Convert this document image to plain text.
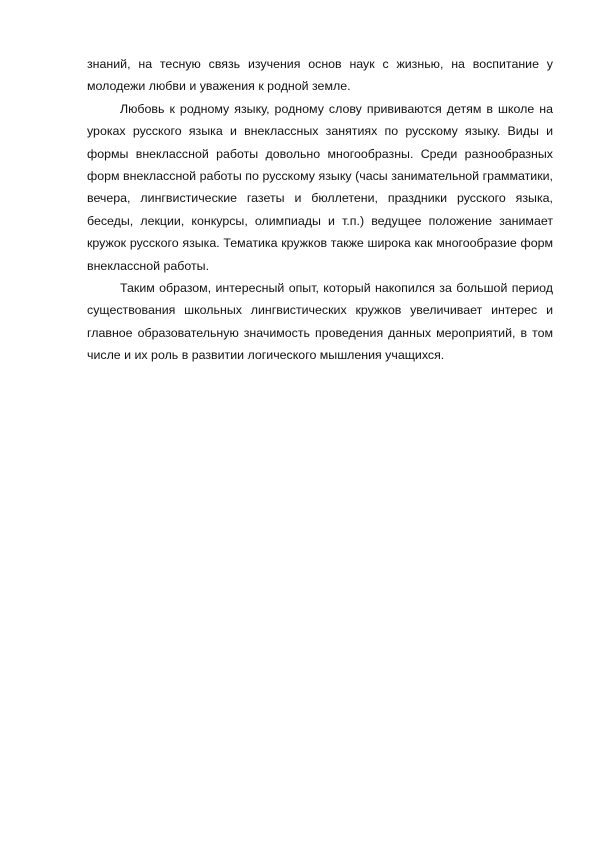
знаний, на тесную связь изучения основ наук с жизнью, на воспитание у молодежи любви и уважения к родной земле.

Любовь к родному языку, родному слову прививаются детям в школе на уроках русского языка и внеклассных занятиях по русскому языку. Виды и формы внеклассной работы довольно многообразны. Среди разнообразных форм внеклассной работы по русскому языку (часы занимательной грамматики, вечера, лингвистические газеты и бюллетени, праздники русского языка, беседы, лекции, конкурсы, олимпиады и т.п.) ведущее положение занимает кружок русского языка. Тематика кружков также широка как многообразие форм внеклассной работы.

Таким образом, интересный опыт, который накопился за большой период существования школьных лингвистических кружков увеличивает интерес и главное образовательную значимость проведения данных мероприятий, в том числе и их роль в развитии логического мышления учащихся.
